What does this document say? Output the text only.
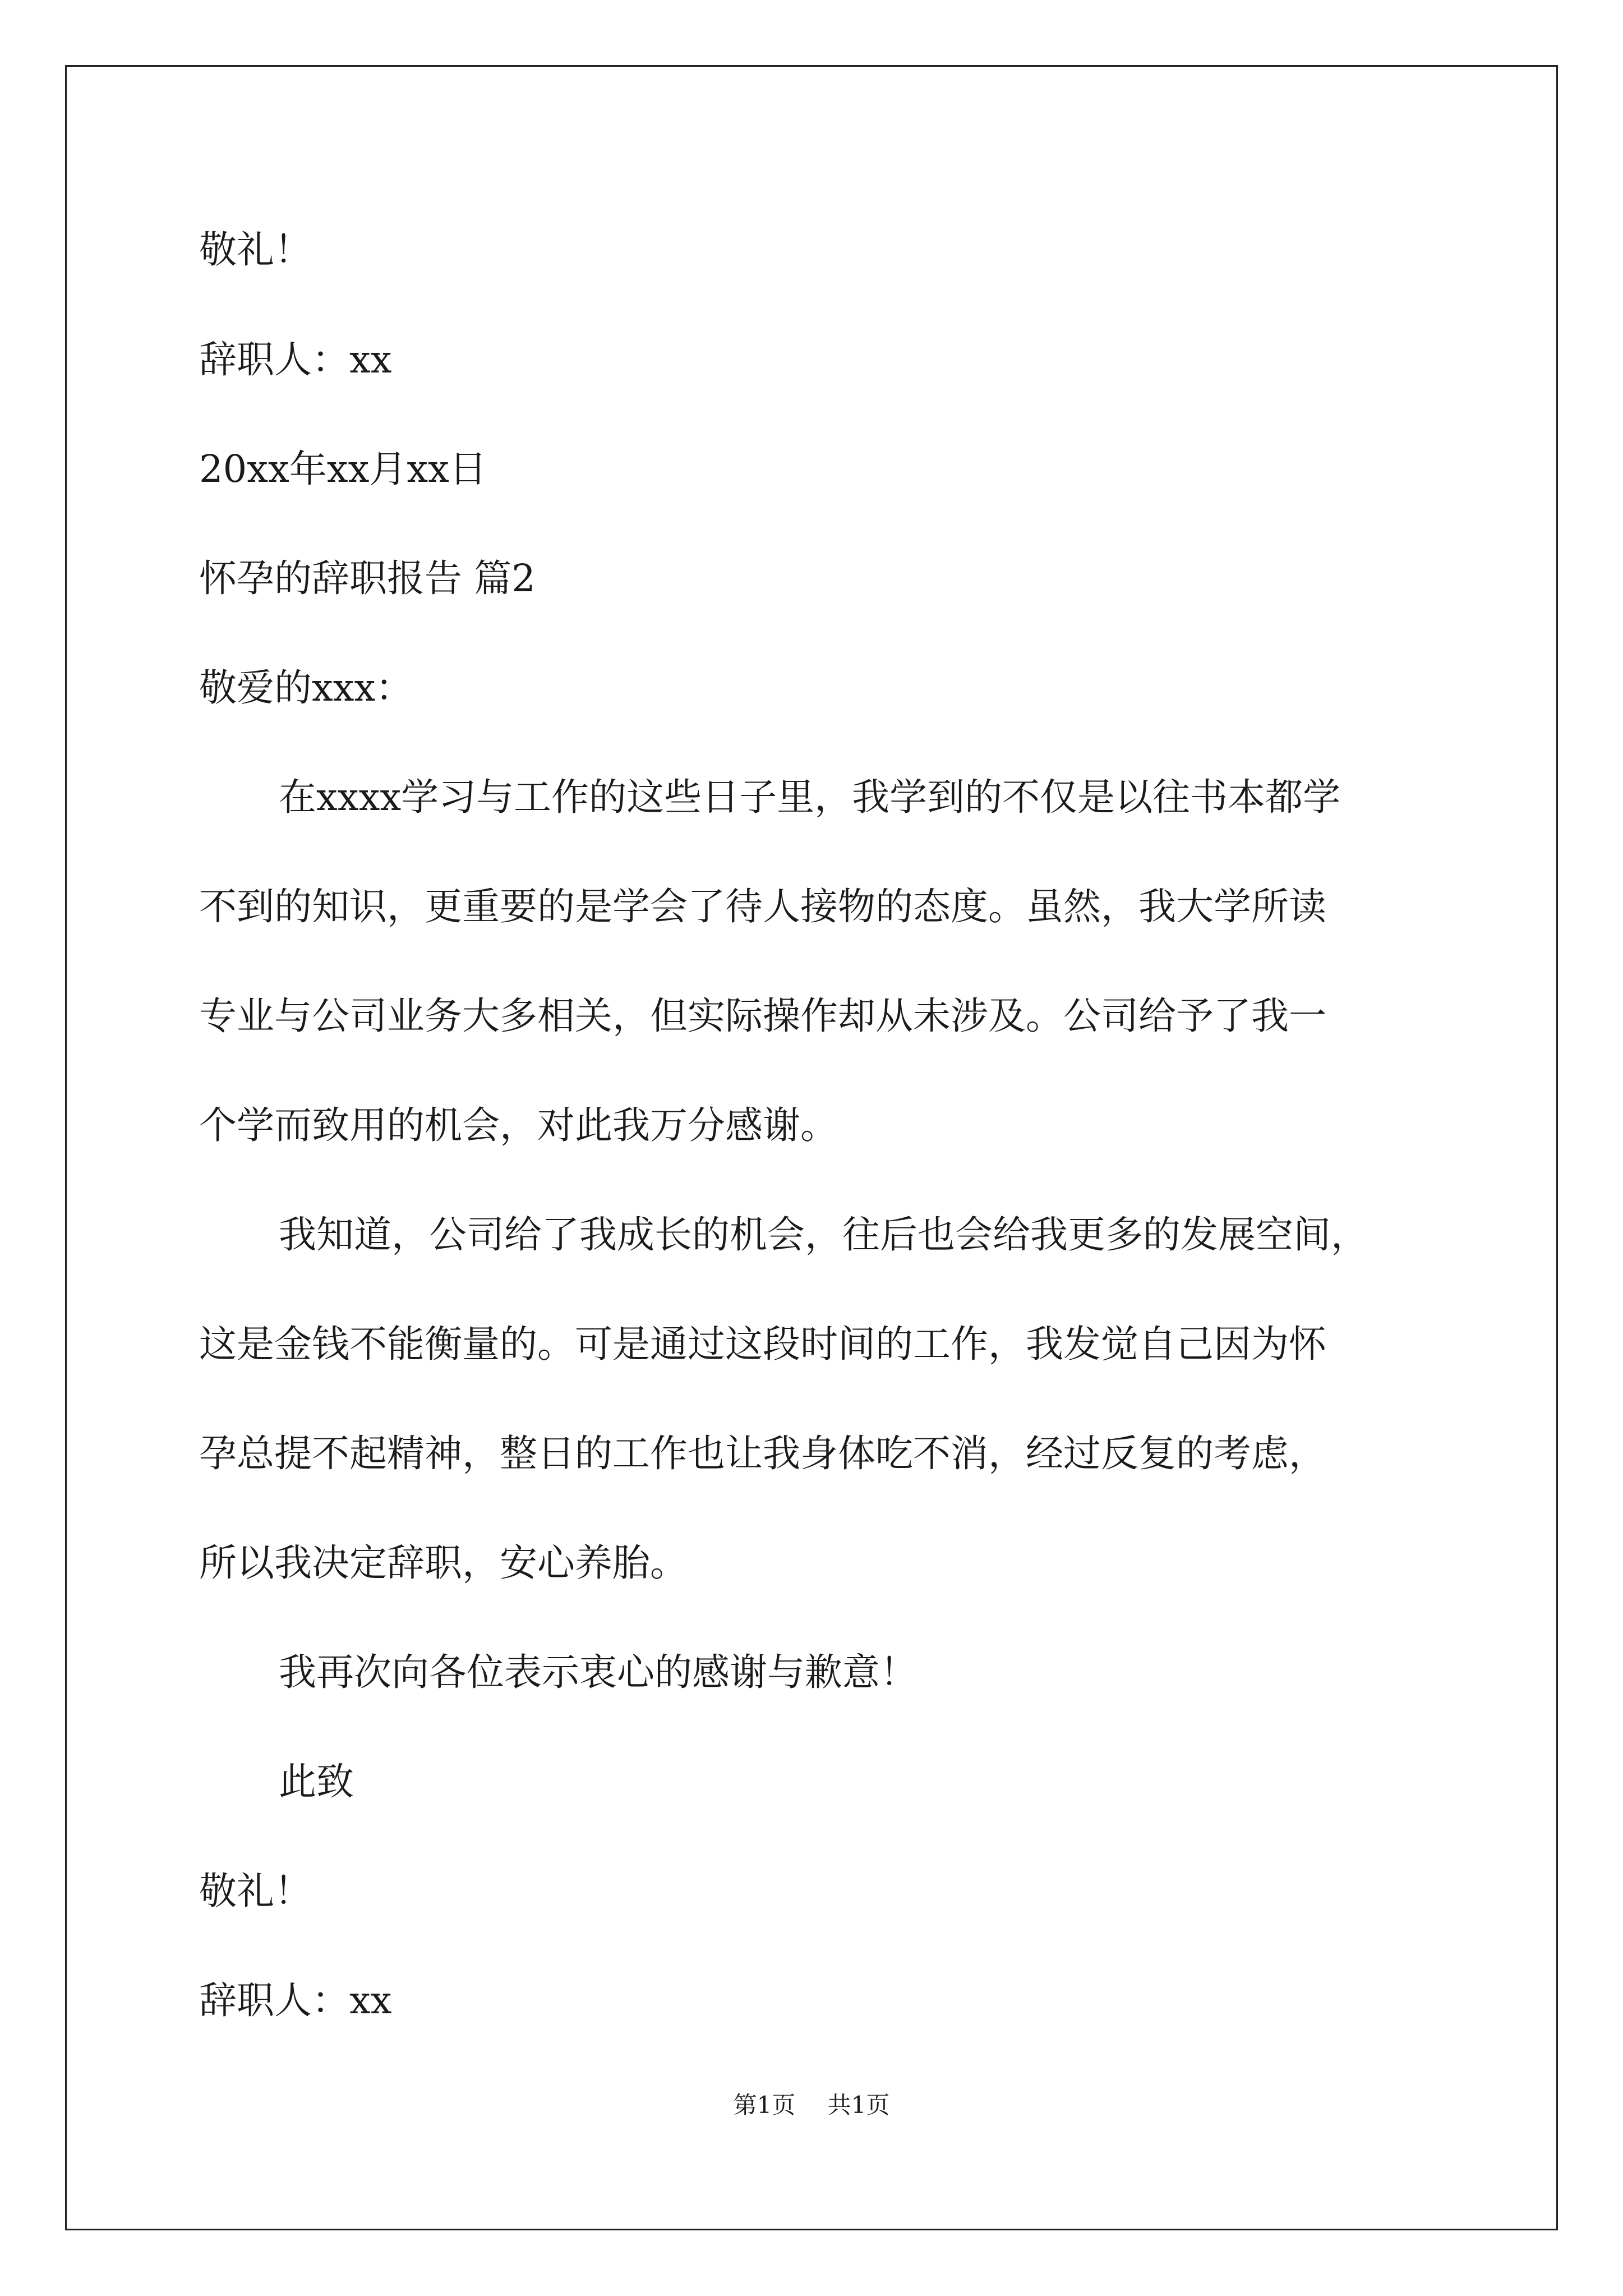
敬礼！
辞职人：xx
20xx年xx月xx日
怀孕的辞职报告 篇2
敬爱的xxx：
在xxxx学习与工作的这些日子里，我学到的不仅是以往书本都学
不到的知识，更重要的是学会了待人接物的态度。虽然，我大学所读
专业与公司业务大多相关，但实际操作却从未涉及。公司给予了我一
个学而致用的机会，对此我万分感谢。
我知道，公司给了我成长的机会，往后也会给我更多的发展空间，
这是金钱不能衡量的。可是通过这段时间的工作，我发觉自己因为怀
孕总提不起精神，整日的工作也让我身体吃不消，经过反复的考虑，
所以我决定辞职，安心养胎。
我再次向各位表示衷心的感谢与歉意！
此致
敬礼！
辞职人：xx
第1页 共1页
